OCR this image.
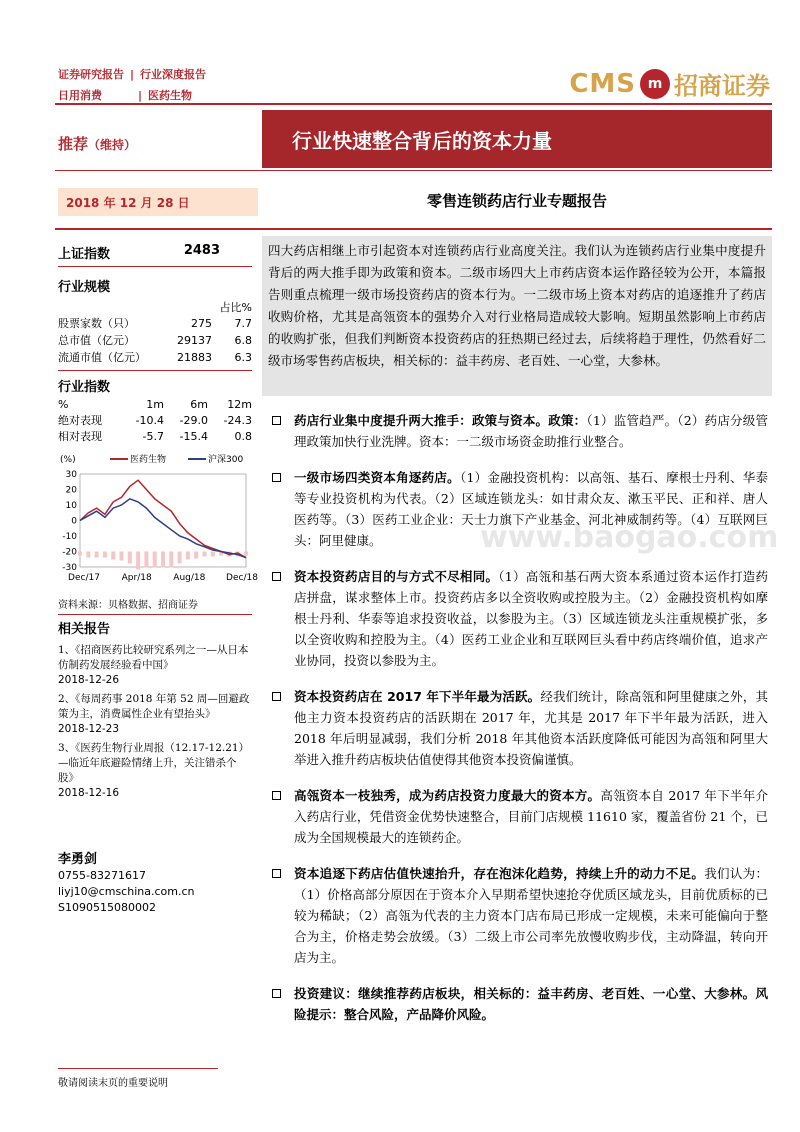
证券研究报告 | 行业深度报告
日用消费	| 医药生物	CMS m 招商证券
推荐（维持）	行业快速整合背后的资本力量
2018 年 12 月 28 日	零售连锁药店行业专题报告
上证指数	2483
行业规模
占比%
股票家数（只）	275	7.7
总市值（亿元）	29137	6.8
流通市值（亿元）	21883	6.3
行业指数
%	1m	6m	12m
绝对表现	-10.4	-29.0	-24.3
相对表现	-5.7	-15.4	0.8
(%)	医药生物	沪深300
30
20
10
0
-10
-20
-30
Dec/17 Apr/18 Aug/18 Dec/18
资料来源：贝格数据、招商证券
相关报告
1、《招商医药比较研究系列之一—从日本仿制药发展经验看中国》
2018-12-26
2、《每周药事 2018 年第 52 周—回避政策为主，消费属性企业有望抬头》
2018-12-23
3、《医药生物行业周报（12.17-12.21）—临近年底避险情绪上升，关注错杀个股》
2018-12-16
李勇剑
0755-83271617
liyj10@cmschina.com.cn
S1090515080002
四大药店相继上市引起资本对连锁药店行业高度关注。我们认为连锁药店行业集中度提升背后的两大推手即为政策和资本。二级市场四大上市药店资本运作路径较为公开，本篇报告则重点梳理一级市场投资药店的资本行为。一二级市场上资本对药店的追逐推升了药店收购价格，尤其是高瓴资本的强势介入对行业格局造成较大影响。短期虽然影响上市药店的收购扩张，但我们判断资本投资药店的狂热期已经过去，后续将趋于理性，仍然看好二级市场零售药店板块，相关标的：益丰药房、老百姓、一心堂，大参林。
药店行业集中度提升两大推手：政策与资本。政策：（1）监管趋严。（2）药店分级管理政策加快行业洗牌。资本：一二级市场资金助推行业整合。
一级市场四类资本角逐药店。（1）金融投资机构：以高瓴、基石、摩根士丹利、华泰等专业投资机构为代表。（2）区域连锁龙头：如甘肃众友、漱玉平民、正和祥、唐人医药等。（3）医药工业企业：天士力旗下产业基金、河北神威制药等。（4）互联网巨头：阿里健康。
资本投资药店目的与方式不尽相同。（1）高瓴和基石两大资本系通过资本运作打造药店拼盘，谋求整体上市。投资药店多以全资收购或控股为主。（2）金融投资机构如摩根士丹利、华泰等追求投资收益，以参股为主。（3）区域连锁龙头注重规模扩张，多以全资收购和控股为主。（4）医药工业企业和互联网巨头看中药店终端价值，追求产业协同，投资以参股为主。
资本投资药店在 2017 年下半年最为活跃。经我们统计，除高瓴和阿里健康之外，其他主力资本投资药店的活跃期在 2017 年，尤其是 2017 年下半年最为活跃，进入 2018 年后明显减弱，我们分析 2018 年其他资本活跃度降低可能因为高瓴和阿里大举进入推升药店板块估值使得其他资本投资偏谨慎。
高瓴资本一枝独秀，成为药店投资力度最大的资本方。高瓴资本自 2017 年下半年介入药店行业，凭借资金优势快速整合，目前门店规模 11610 家，覆盖省份 21 个，已成为全国规模最大的连锁药企。
资本追逐下药店估值快速抬升，存在泡沫化趋势，持续上升的动力不足。我们认为：（1）价格高部分原因在于资本介入早期希望快速抢夺优质区域龙头，目前优质标的已较为稀缺；（2）高瓴为代表的主力资本门店布局已形成一定规模，未来可能偏向于整合为主，价格走势会放缓。（3）二级上市公司率先放慢收购步伐，主动降温，转向开店为主。
投资建议：继续推荐药店板块，相关标的：益丰药房、老百姓、一心堂、大参林。风险提示：整合风险，产品降价风险。
www.baogao.com
敬请阅读末页的重要说明
